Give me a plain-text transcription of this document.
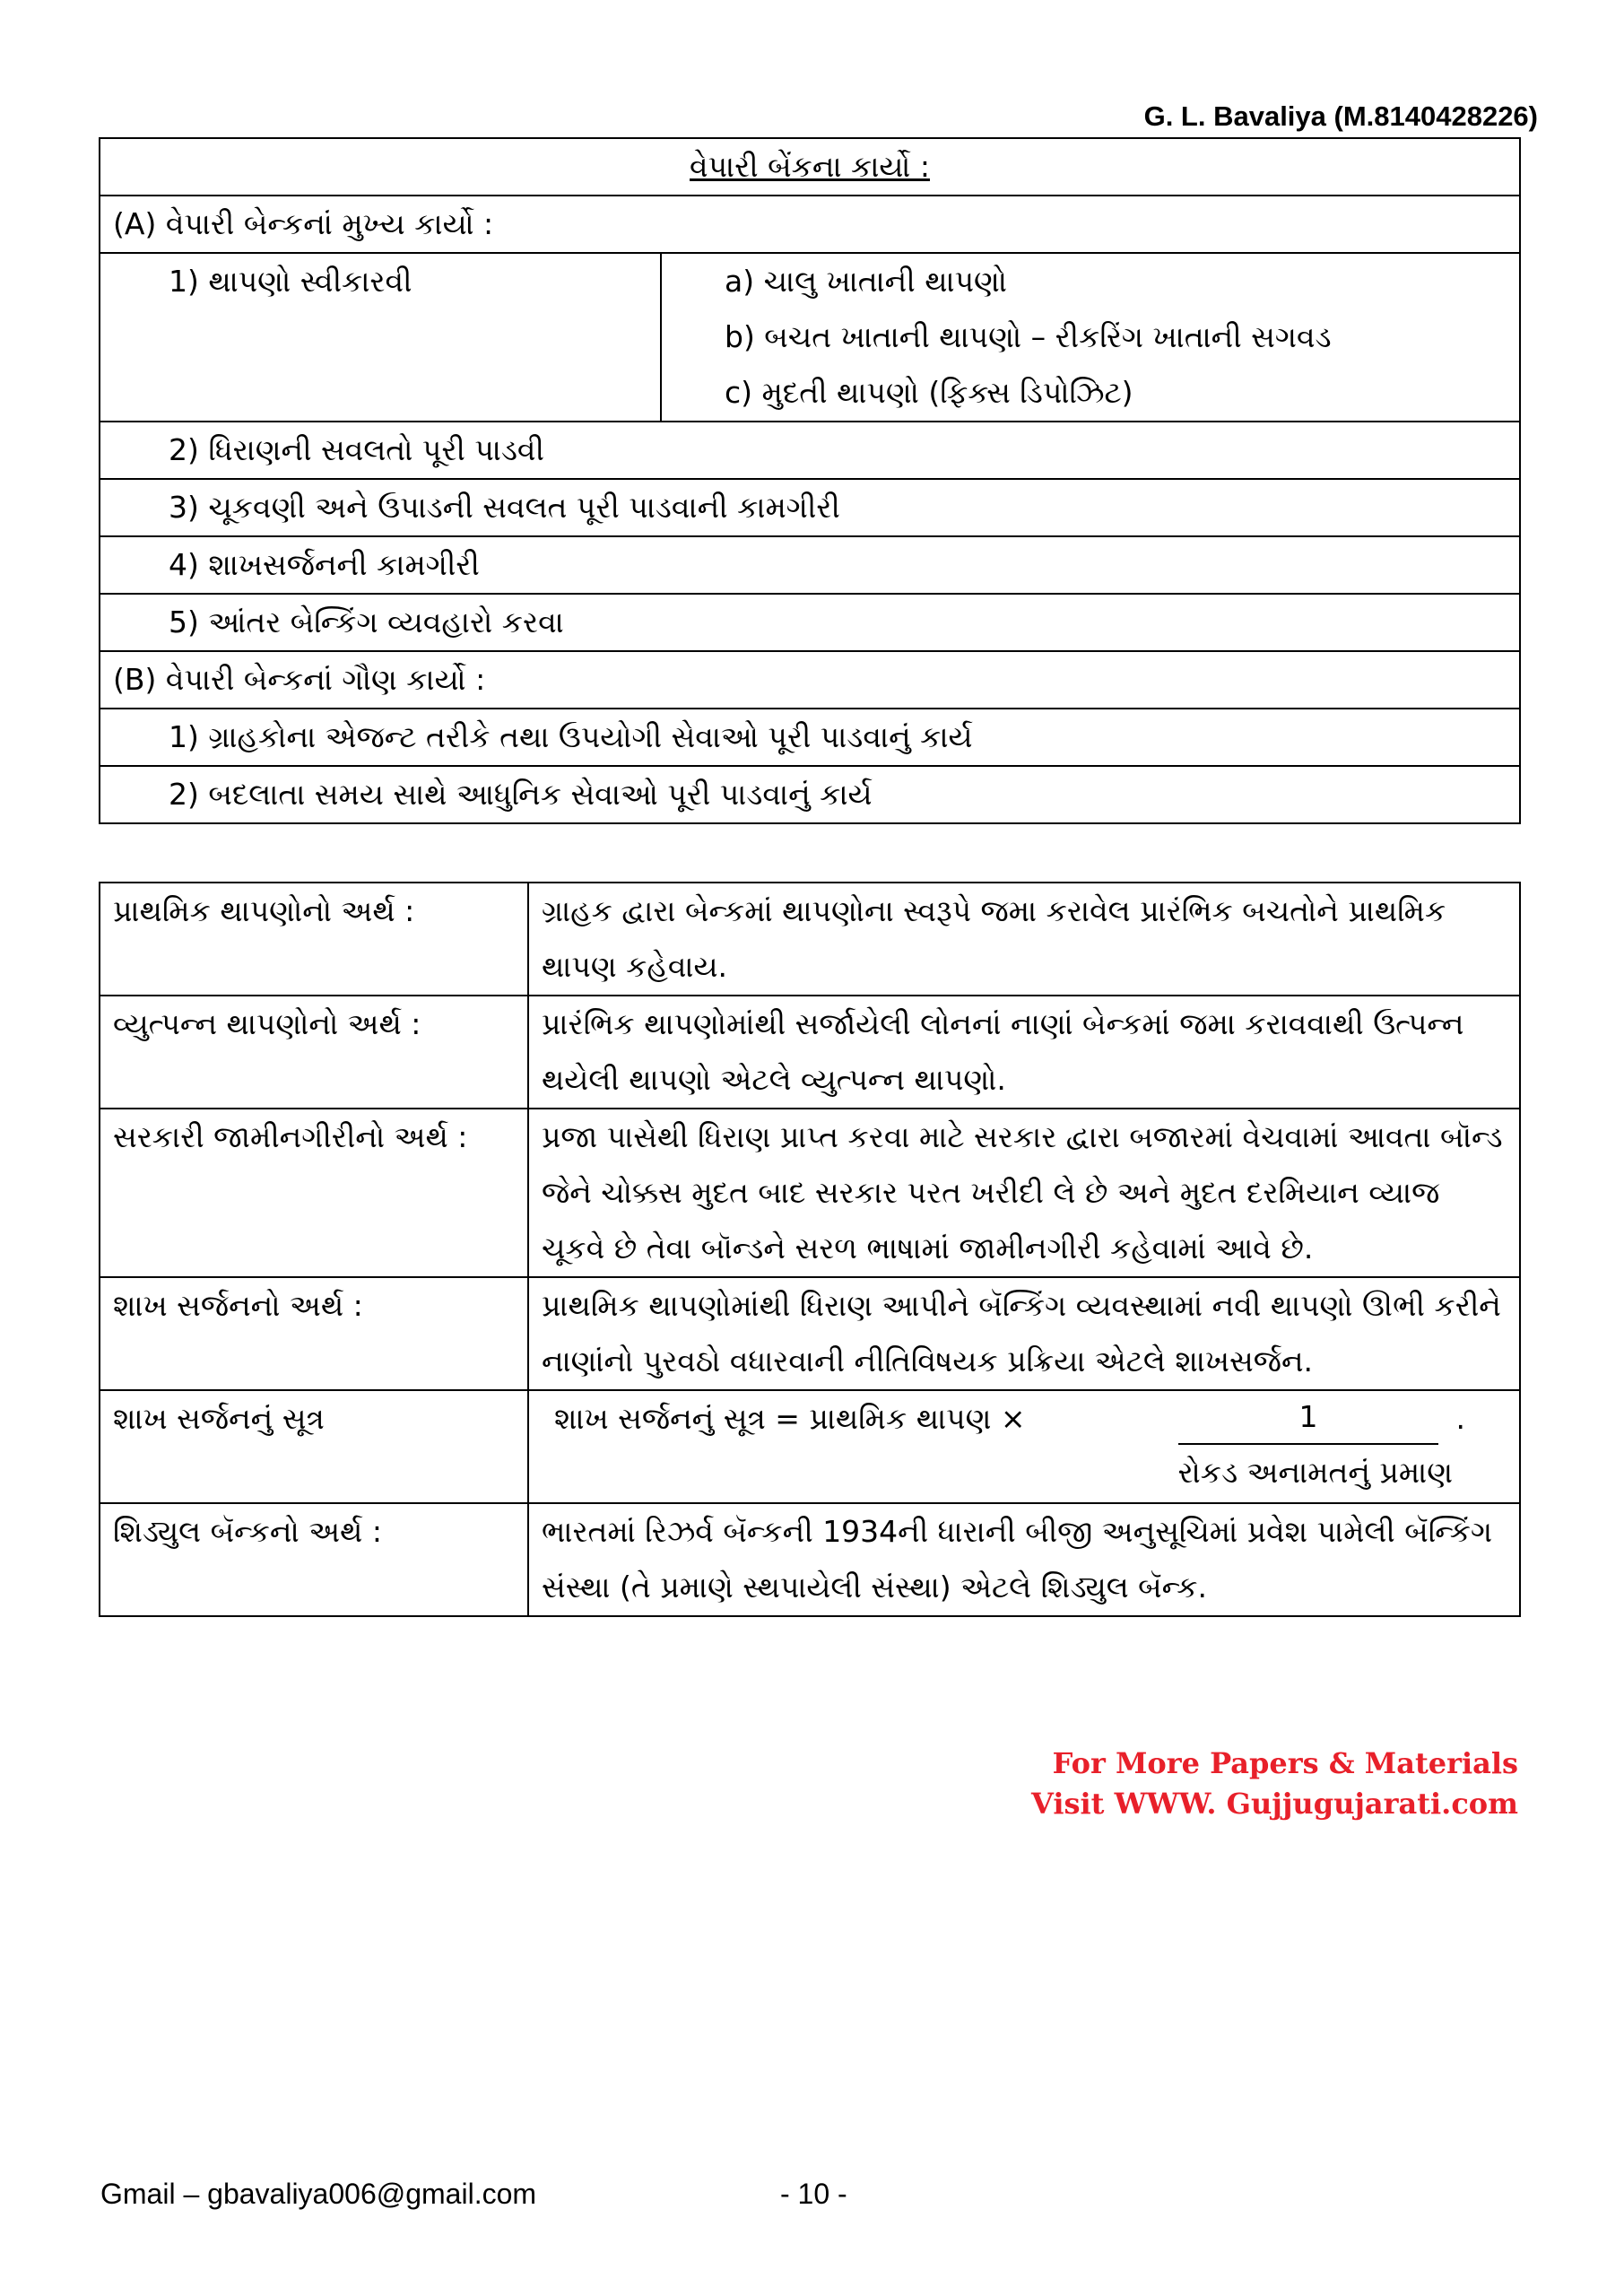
G. L. Bavaliya (M.8140428226)
વેપારી બેંકના કાર્યો :
(A) વેપારી બેન્કનાં મુખ્ય કાર્યો :
1) થાપણો સ્વીકારવી	a) ચાલુ ખાતાની થાપણો
b) બચત ખાતાની થાપણો – રીકરિંગ ખાતાની સગવડ
c) મુદતી થાપણો (ફિક્સ ડિપોઝિટ)

2) ધિરાણની સવલતો પૂરી પાડવી
3) ચૂકવણી અને ઉપાડની સવલત પૂરી પાડવાની કામગીરી
4) શાખસર્જનની કામગીરી
5) આંતર બેન્કિંગ વ્યવહારો કરવા
(B) વેપારી બેન્કનાં ગૌણ કાર્યો :
1) ગ્રાહકોના એજન્ટ તરીકે તથા ઉપયોગી સેવાઓ પૂરી પાડવાનું કાર્ય
2) બદલાતા સમય સાથે આધુનિક સેવાઓ પૂરી પાડવાનું કાર્ય
પ્રાથમિક થાપણોનો અર્થ :	ગ્રાહક દ્વારા બેન્કમાં થાપણોના સ્વરૂપે જમા કરાવેલ પ્રારંભિક બચતોને પ્રાથમિક થાપણ કહેવાય.
વ્યુત્પન્ન થાપણોનો અર્થ :	પ્રારંભિક થાપણોમાંથી સર્જાયેલી લોનનાં નાણાં બેન્કમાં જમા કરાવવાથી ઉત્પન્ન થયેલી થાપણો એટલે વ્યુત્પન્ન થાપણો.
સરકારી જામીનગીરીનો અર્થ :	પ્રજા પાસેથી ધિરાણ પ્રાપ્ત કરવા માટે સરકાર દ્વારા બજારમાં વેચવામાં આવતા બૉન્ડ જેને ચોક્કસ મુદત બાદ સરકાર પરત ખરીદી લે છે અને મુદત દરમિયાન વ્યાજ ચૂકવે છે તેવા બૉન્ડને સરળ ભાષામાં જામીનગીરી કહેવામાં આવે છે.
શાખ સર્જનનો અર્થ :	પ્રાથમિક થાપણોમાંથી ધિરાણ આપીને બૅન્કિંગ વ્યવસ્થામાં નવી થાપણો ઊભી કરીને નાણાંનો પુરવઠો વધારવાની નીતિવિષયક પ્રક્રિયા એટલે શાખસર્જન.
શાખ સર્જનનું સૂત્ર	શાખ સર્જનનું સૂત્ર = પ્રાથમિક થાપણ × 1 .
રોકડ અનામતનું પ્રમાણ

શિડ્યુલ બૅન્કનો અર્થ :	ભારતમાં રિઝર્વ બૅન્કની 1934ની ધારાની બીજી અનુસૂચિમાં પ્રવેશ પામેલી બૅન્કિંગ સંસ્થા (તે પ્રમાણે સ્થપાયેલી સંસ્થા) એટલે શિડ્યુલ બૅન્ક.
For More Papers & Materials
Visit WWW. Gujjugujarati.com
Gmail – gbavaliya006@gmail.com	- 10 -
